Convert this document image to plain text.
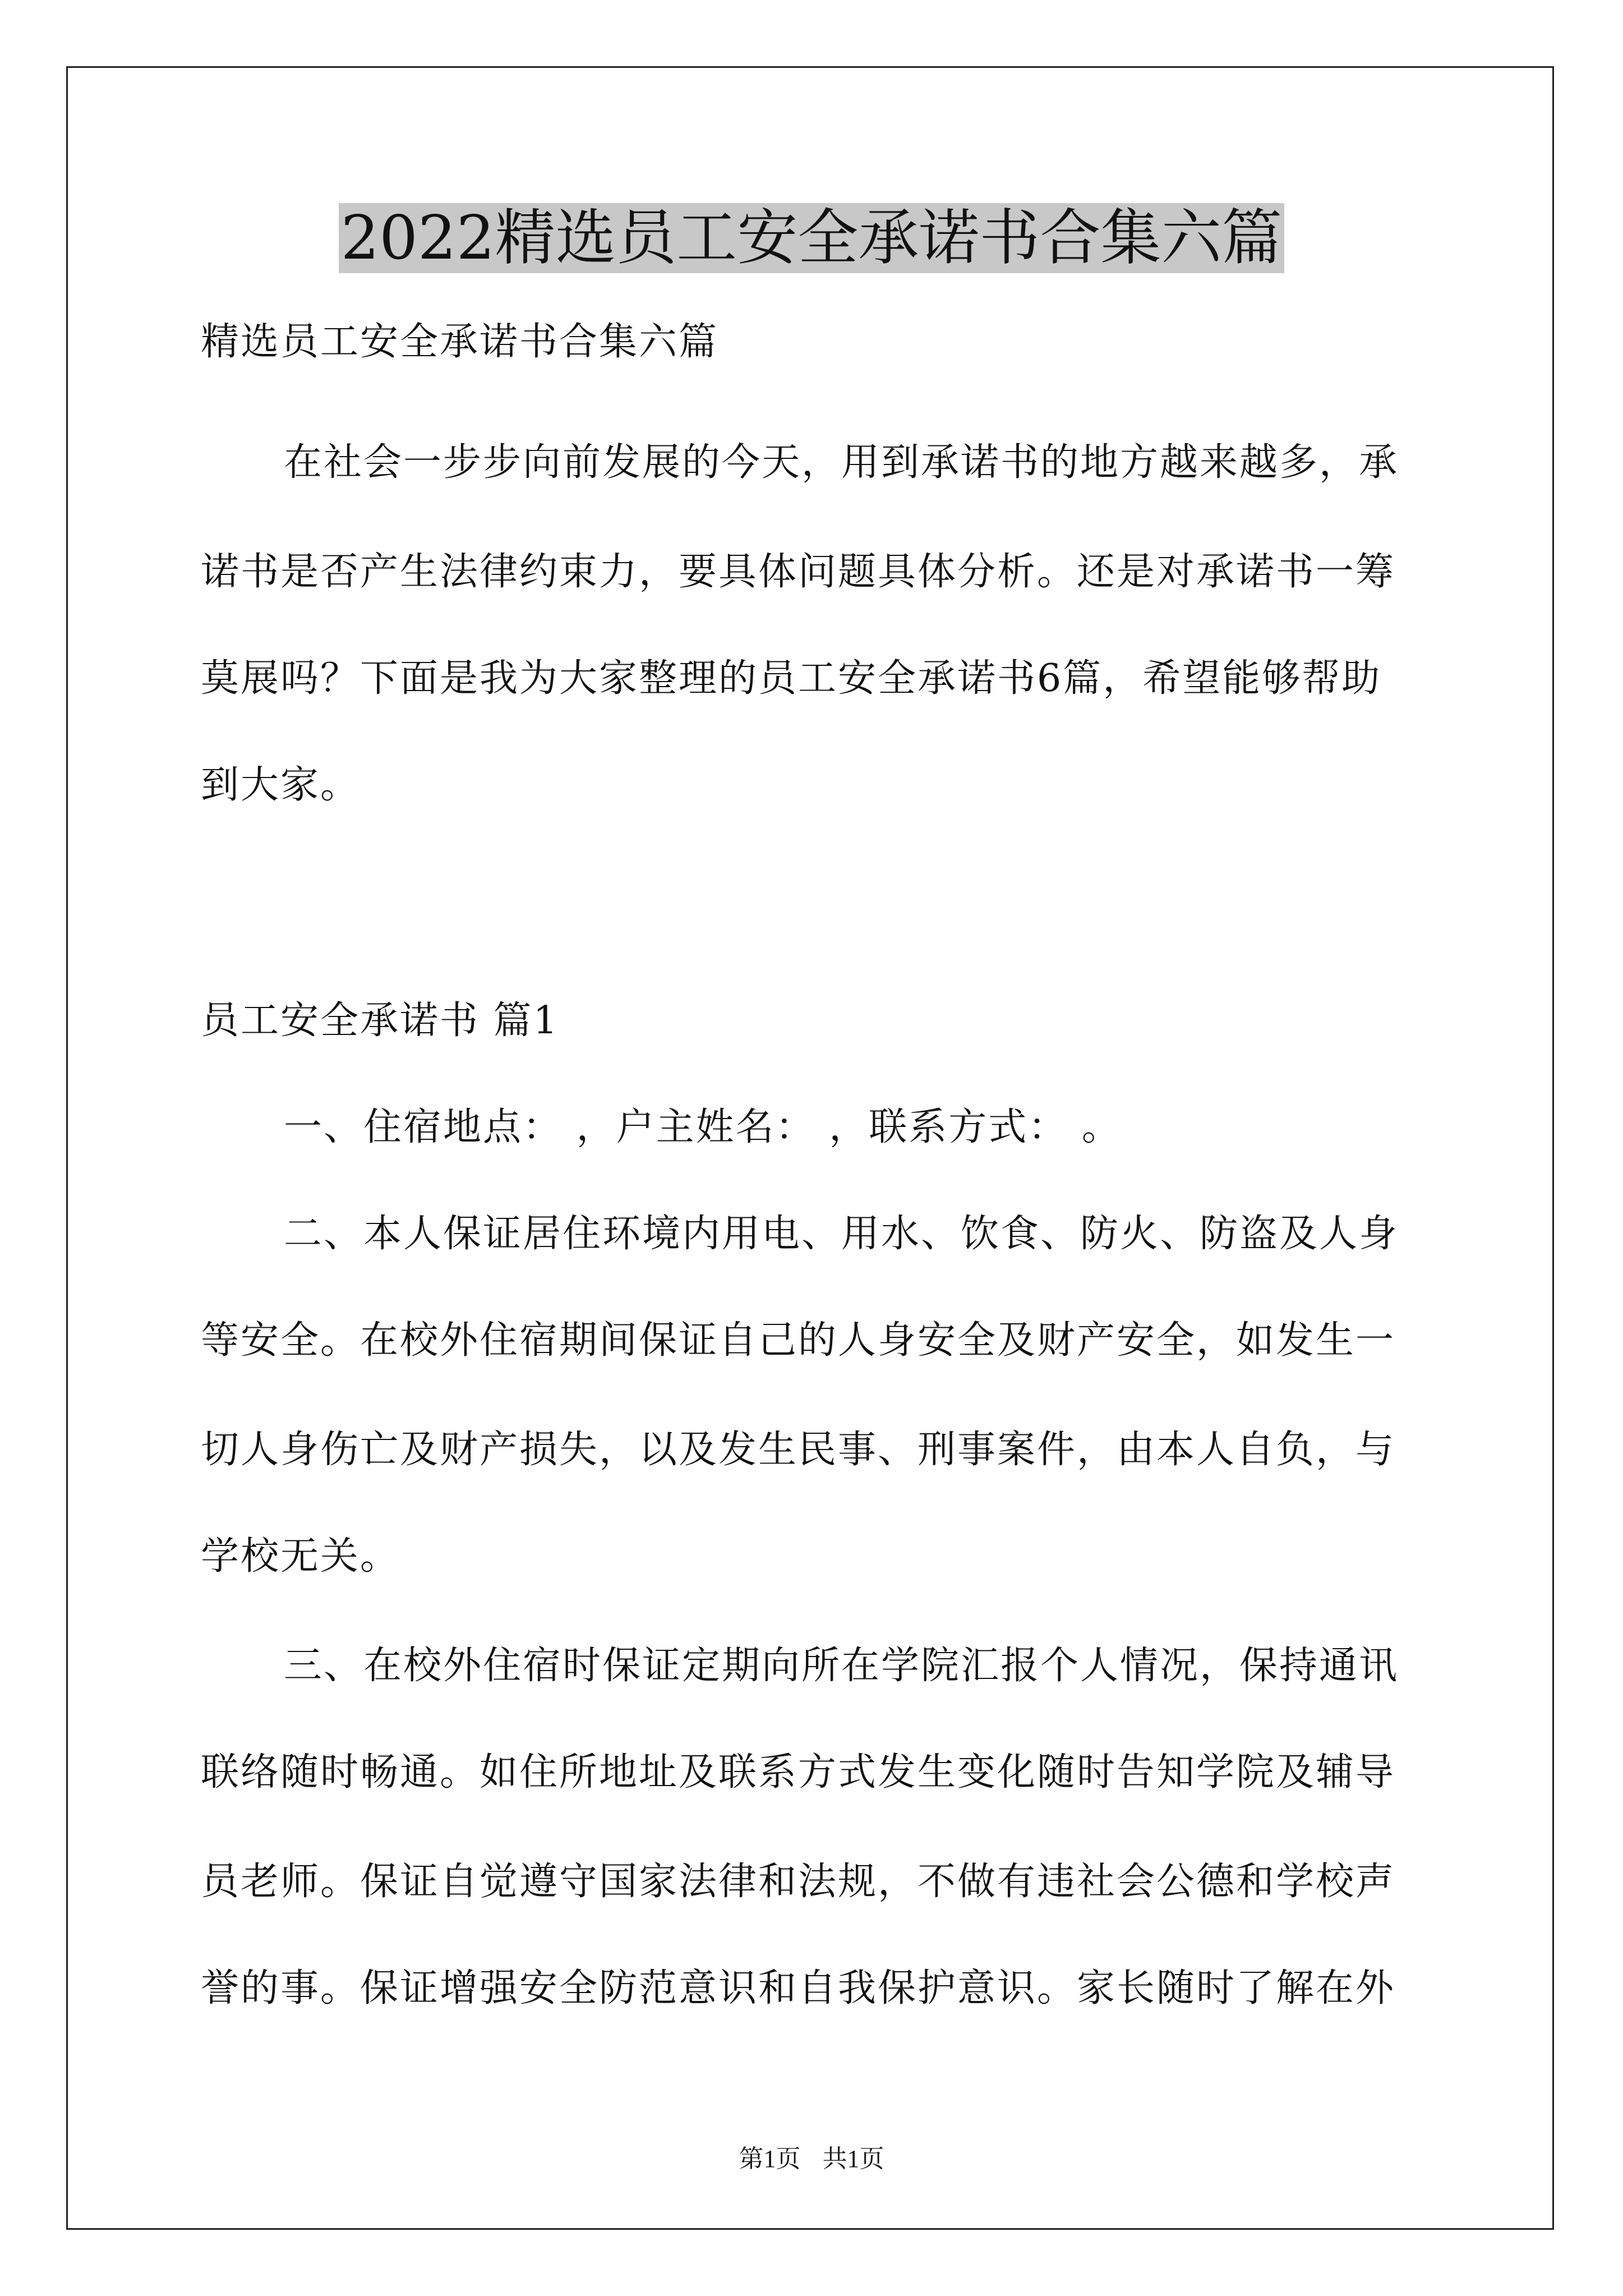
2022精选员工安全承诺书合集六篇

精选员工安全承诺书合集六篇

在社会一步步向前发展的今天，用到承诺书的地方越来越多，承

诺书是否产生法律约束力，要具体问题具体分析。还是对承诺书一筹

莫展吗？下面是我为大家整理的员工安全承诺书6篇，希望能够帮助

到大家。

员工安全承诺书 篇1

一、住宿地点： ，户主姓名： ，联系方式： 。

二、本人保证居住环境内用电、用水、饮食、防火、防盗及人身

等安全。在校外住宿期间保证自己的人身安全及财产安全，如发生一

切人身伤亡及财产损失，以及发生民事、刑事案件，由本人自负，与

学校无关。

三、在校外住宿时保证定期向所在学院汇报个人情况，保持通讯

联络随时畅通。如住所地址及联系方式发生变化随时告知学院及辅导

员老师。保证自觉遵守国家法律和法规，不做有违社会公德和学校声

誉的事。保证增强安全防范意识和自我保护意识。家长随时了解在外

第1页 共1页
